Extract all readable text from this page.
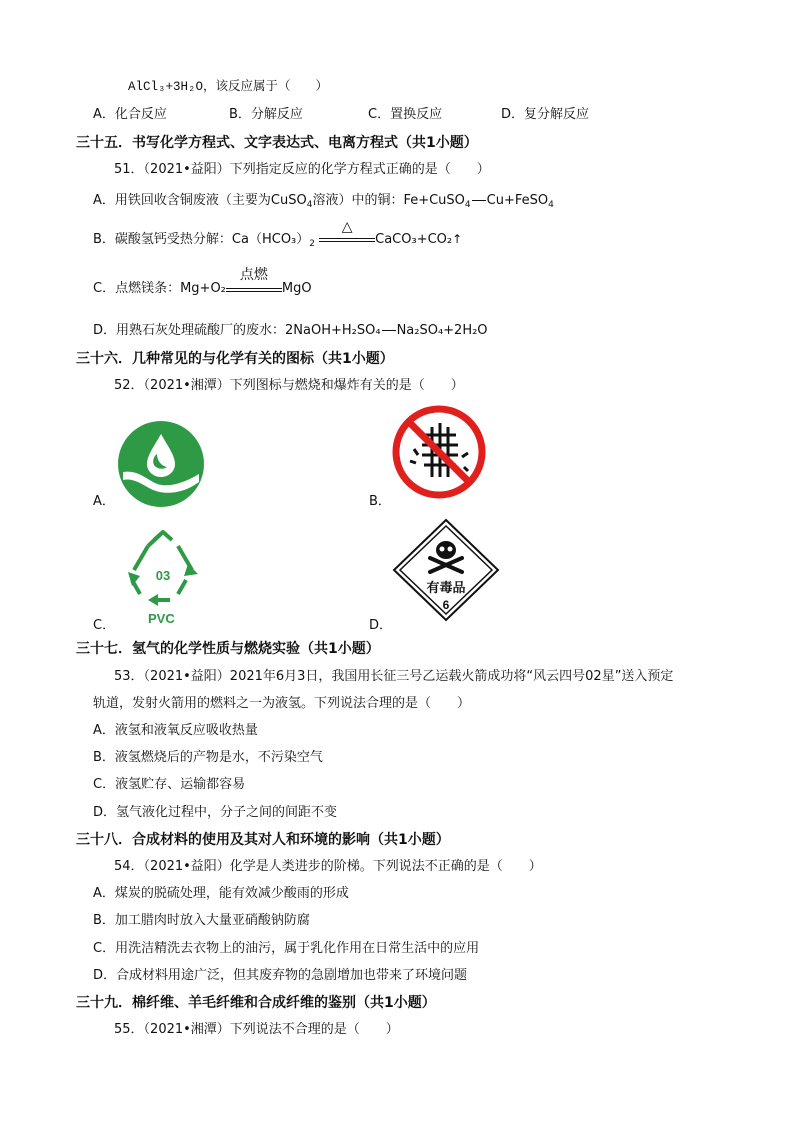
AlCl₃+3H₂O，该反应属于（　　）
A．化合反应	B．分解反应	C．置换反应	D．复分解反应
三十五．书写化学方程式、文字表达式、电离方程式（共1小题）
51．（2021•益阳）下列指定反应的化学方程式正确的是（　　）
A．用铁回收含铜废液（主要为CuSO$_4$溶液）中的铜：Fe+CuSO$_4$ Cu+FeSO$_4$
B．碳酸氢钙受热分解：$Ca(HCO_3)_2$
△
CaCO₃+CO₂↑
C．点燃镁条：Mg+O₂
点燃
MgO
D．用熟石灰处理硫酸厂的废水：2NaOH+H₂SO₄ Na₂SO₄+2H₂O
三十六．几种常见的与化学有关的图标（共1小题）
52．（2021•湘潭）下列图标与燃烧和爆炸有关的是（　　）
A．	B．
03
PVC
C．
有毒品
6
D．
三十七．氢气的化学性质与燃烧实验（共1小题）
53．（2021•益阳）2021年6月3日，我国用长征三号乙运载火箭成功将“风云四号02星”送入预定
轨道，发射火箭用的燃料之一为液氢。下列说法合理的是（　　）
A．液氢和液氧反应吸收热量
B．液氢燃烧后的产物是水，不污染空气
C．液氢贮存、运输都容易
D．氢气液化过程中，分子之间的间距不变
三十八．合成材料的使用及其对人和环境的影响（共1小题）
54．（2021•益阳）化学是人类进步的阶梯。下列说法不正确的是（　　）
A．煤炭的脱硫处理，能有效减少酸雨的形成
B．加工腊肉时放入大量亚硝酸钠防腐
C．用洗洁精洗去衣物上的油污，属于乳化作用在日常生活中的应用
D．合成材料用途广泛，但其废弃物的急剧增加也带来了环境问题
三十九．棉纤维、羊毛纤维和合成纤维的鉴别（共1小题）
55．（2021•湘潭）下列说法不合理的是（　　）
